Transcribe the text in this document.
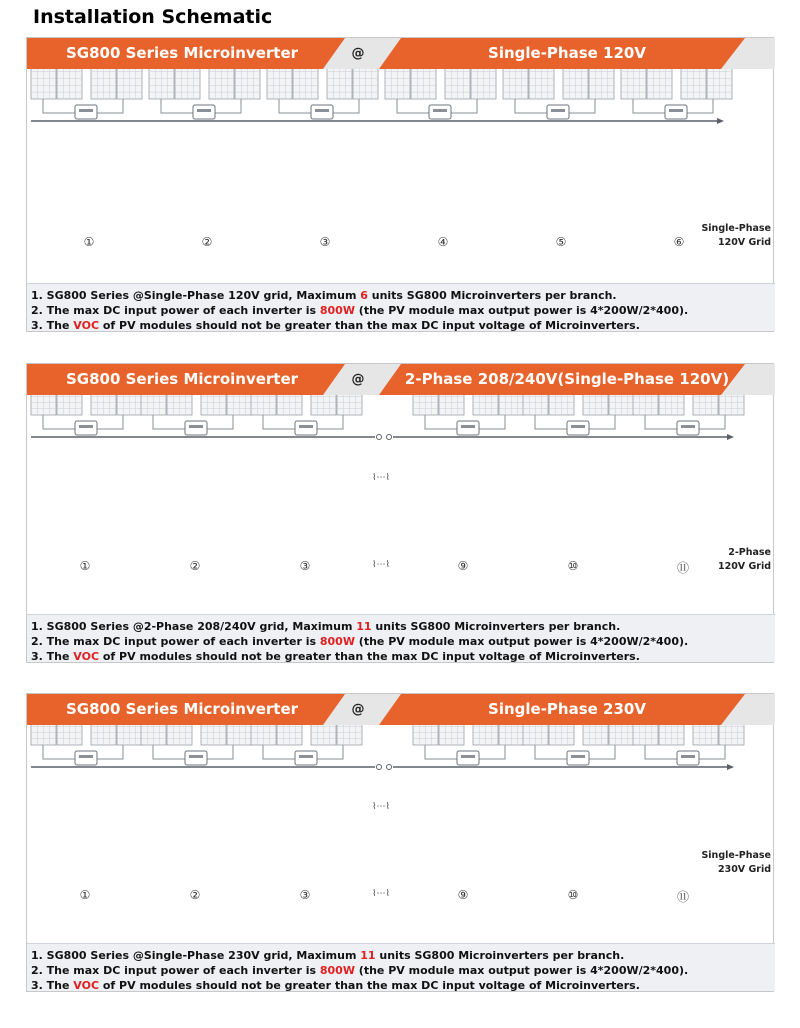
Installation Schematic
SG800 Series Microinverter	@	Single-Phase 120V
①	②	③	④	⑤	⑥
Single-Phase
120V Grid

1. SG800 Series @Single-Phase 120V grid, Maximum 6 units SG800 Microinverters per branch.

2. The max DC input power of each inverter is 800W (the PV module max output power is 4*200W/2*400).

3. The VOC of PV modules should not be greater than the max DC input voltage of Microinverters.

SG800 Series Microinverter	@	2-Phase 208/240V(Single-Phase 120V)
①	②	③	⑨	⑩	⑪
⌇⋯⌇
⌇⋯⌇
2-Phase
120V Grid

1. SG800 Series @2-Phase 208/240V grid, Maximum 11 units SG800 Microinverters per branch.

2. The max DC input power of each inverter is 800W (the PV module max output power is 4*200W/2*400).

3. The VOC of PV modules should not be greater than the max DC input voltage of Microinverters.

SG800 Series Microinverter	@	Single-Phase 230V
①	②	③	⑨	⑩	⑪
⌇⋯⌇
⌇⋯⌇
Single-Phase
230V Grid

1. SG800 Series @Single-Phase 230V grid, Maximum 11 units SG800 Microinverters per branch.

2. The max DC input power of each inverter is 800W (the PV module max output power is 4*200W/2*400).

3. The VOC of PV modules should not be greater than the max DC input voltage of Microinverters.
